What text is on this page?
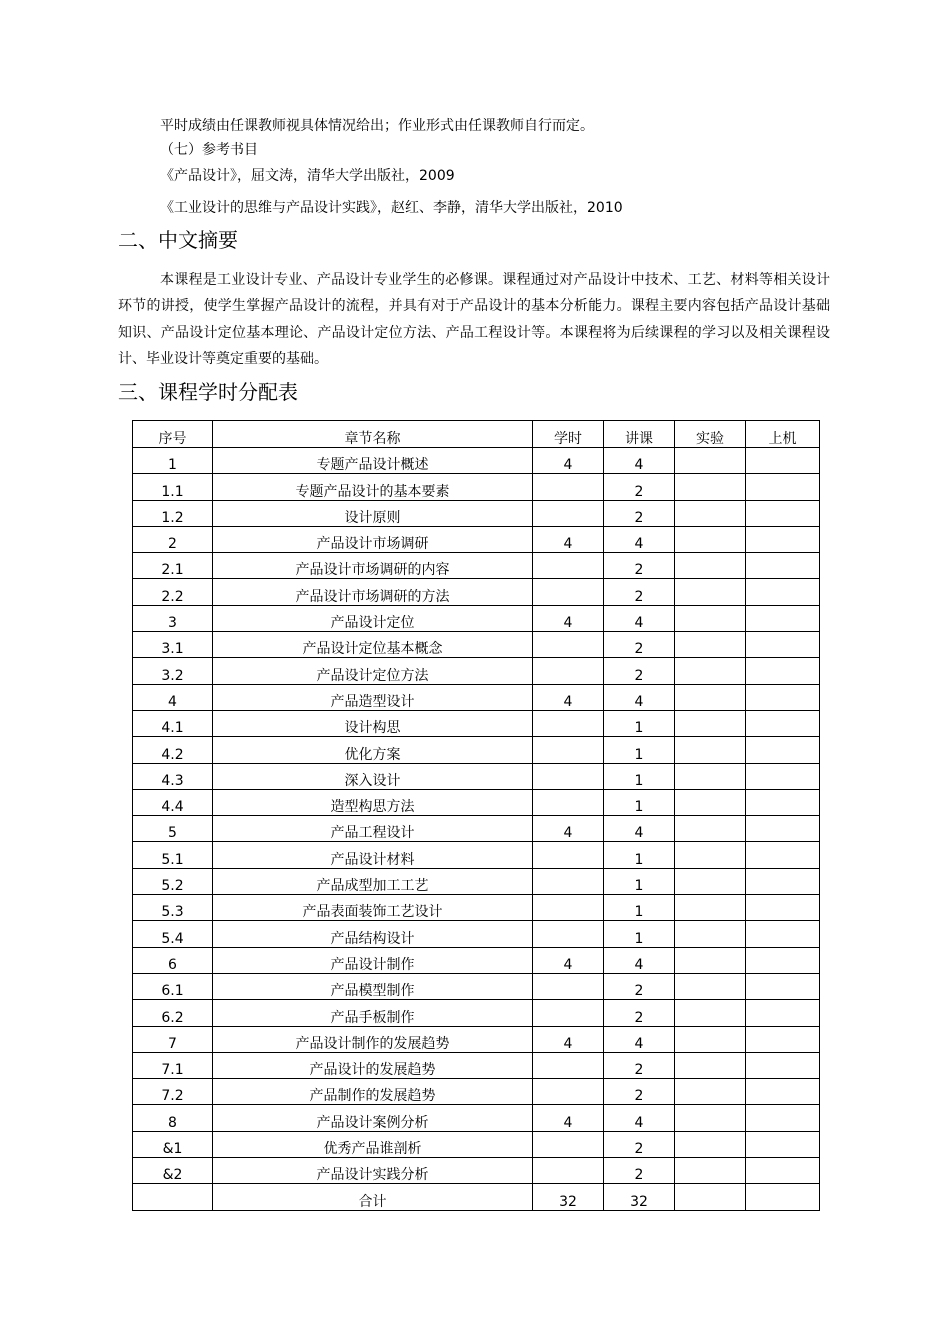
平时成绩由任课教师视具体情况给出；作业形式由任课教师自行而定。
（七）参考书目
《产品设计》，屈文涛，清华大学出版社，2009
《工业设计的思维与产品设计实践》，赵红、李静，清华大学出版社，2010
二、中文摘要
本课程是工业设计专业、产品设计专业学生的必修课。课程通过对产品设计中技术、工艺、材料等相关设计环节的讲授，使学生掌握产品设计的流程，并具有对于产品设计的基本分析能力。课程主要内容包括产品设计基础知识、产品设计定位基本理论、产品设计定位方法、产品工程设计等。本课程将为后续课程的学习以及相关课程设计、毕业设计等奠定重要的基础。
三、课程学时分配表
序号	章节名称	学时	讲课	实验	上机
1	专题产品设计概述	4	4		
1.1	专题产品设计的基本要素		2		
1.2	设计原则		2		
2	产品设计市场调研	4	4		
2.1	产品设计市场调研的内容		2		
2.2	产品设计市场调研的方法		2		
3	产品设计定位	4	4		
3.1	产品设计定位基本概念		2		
3.2	产品设计定位方法		2		
4	产品造型设计	4	4		
4.1	设计构思		1		
4.2	优化方案		1		
4.3	深入设计		1		
4.4	造型构思方法		1		
5	产品工程设计	4	4		
5.1	产品设计材料		1		
5.2	产品成型加工工艺		1		
5.3	产品表面装饰工艺设计		1		
5.4	产品结构设计		1		
6	产品设计制作	4	4		
6.1	产品模型制作		2		
6.2	产品手板制作		2		
7	产品设计制作的发展趋势	4	4		
7.1	产品设计的发展趋势		2		
7.2	产品制作的发展趋势		2		
8	产品设计案例分析	4	4		
&1	优秀产品谁剖析		2		
&2	产品设计实践分析		2		
	合计	32	32		
